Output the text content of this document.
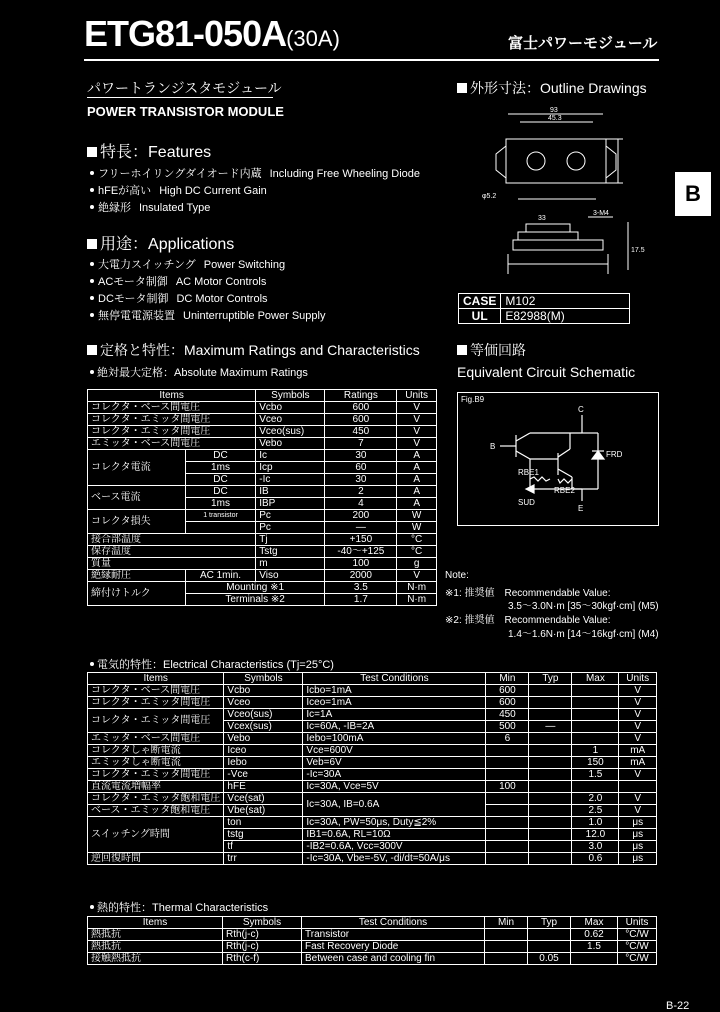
ETG81-050A(30A)	富士パワーモジュール
パワートランジスタモジュール
POWER TRANSISTOR MODULE
特長：Features
フリーホイリングダイオード内蔵 Including Free Wheeling Diode
hFEが高い High DC Current Gain
絶縁形 Insulated Type
用途：Applications
大電力スイッチング Power Switching
ACモータ制御 AC Motor Controls
DCモータ制御 DC Motor Controls
無停電電源装置 Uninterruptible Power Supply
外形寸法：Outline Drawings
93
45.3
φ5.2
33
3-M4
17.5
CASE	M102
UL	E82988(M)
B
定格と特性：Maximum Ratings and Characteristics
絶対最大定格：Absolute Maximum Ratings
等価回路
Equivalent Circuit Schematic
Fig.B9
C
B
E
FRD
RBE1
RBE2
SUD
Note:
※1: 推奨値　Recommendable Value:
3.5～3.0N·m [35～30kgf·cm] (M5)
※2: 推奨値　Recommendable Value:
1.4～1.6N·m [14～16kgf·cm] (M4)
Items		Symbols	Ratings	Units
コレクタ・ベース間電圧		Vcbo	600	V
コレクタ・エミッタ間電圧		Vceo	600	V
コレクタ・エミッタ間電圧		Vceo(sus)	450	V
エミッタ・ベース間電圧		Vebo	7	V
コレクタ電流	DC	Ic	30	A
	1ms	Icp	60	A
	DC	-Ic	30	A
ベース電流	DC	IB	2	A
	1ms	IBP	4	A
コレクタ損失	1 transistor	Pc	200	W
		Pc	—	W
接合部温度		Tj	+150	°C
保存温度		Tstg	-40～+125	°C
質量		m	100	g
絶縁耐圧	AC 1min.	Viso	2000	V
締付けトルク	Mounting ※1		3.5	N·m
	Terminals ※2		1.7	N·m
電気的特性：Electrical Characteristics (Tj=25°C)
Items	Symbols	Test Conditions	Min	Typ	Max	Units
コレクタ・ベース間電圧	Vcbo	Icbo=1mA	600			V
コレクタ・エミッタ間電圧	Vceo	Iceo=1mA	600			V
コレクタ・エミッタ間電圧	Vceo(sus)	Ic=1A	450			V
	Vcex(sus)	Ic=60A, -IB=2A	500	—		V
エミッタ・ベース間電圧	Vebo	Iebo=100mA	6			V
コレクタしゃ断電流	Iceo	Vce=600V			1	mA
エミッタしゃ断電流	Iebo	Veb=6V			150	mA
コレクタ・エミッタ間電圧	-Vce	-Ic=30A			1.5	V
直流電流増幅率	hFE	Ic=30A, Vce=5V	100			
コレクタ・エミッタ飽和電圧	Vce(sat)	Ic=30A, IB=0.6A			2.0	V
ベース・エミッタ飽和電圧	Vbe(sat)				2.5	V
スイッチング時間	ton	Ic=30A, PW=50μs, Duty≦2%			1.0	μs
	tstg	IB1=0.6A, RL=10Ω			12.0	μs
	tf	-IB2=0.6A, Vcc=300V			3.0	μs
逆回復時間	trr	-Ic=30A, Vbe=-5V, -di/dt=50A/μs			0.6	μs
熱的特性：Thermal Characteristics
Items	Symbols	Test Conditions	Min	Typ	Max	Units
熱抵抗	Rth(j-c)	Transistor			0.62	°C/W
熱抵抗	Rth(j-c)	Fast Recovery Diode			1.5	°C/W
接触熱抵抗	Rth(c-f)	Between case and cooling fin		0.05		°C/W
B-22
